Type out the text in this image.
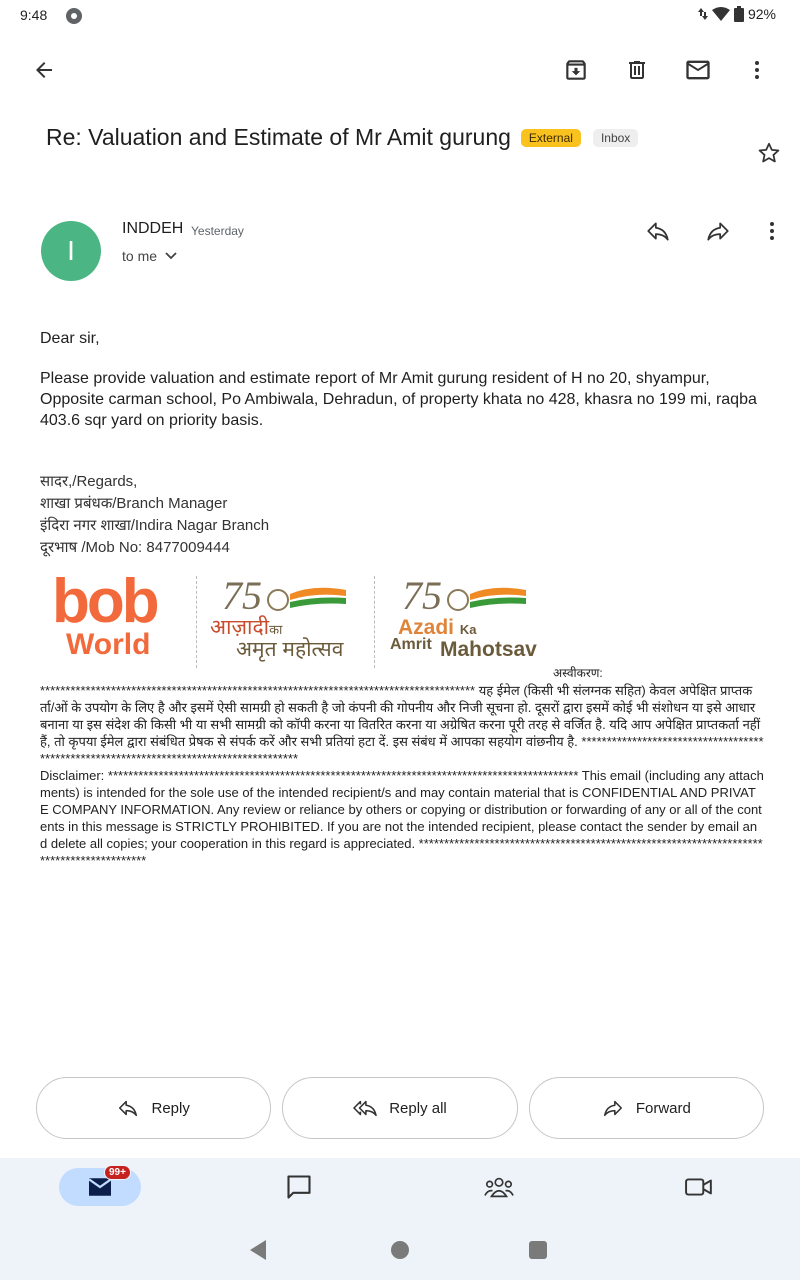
9:48	92%
Re: Valuation and Estimate of Mr Amit gurung	External	Inbox
I
INDDEH Yesterday
to me
Dear sir,
Please provide valuation and estimate report of Mr Amit gurung resident of H no 20, shyampur, Opposite carman school, Po Ambiwala, Dehradun, of property khata no 428, khasra no 199 mi, raqba 403.6 sqr yard on priority basis.
सादर,/Regards,
शाखा प्रबंधक/Branch Manager
इंदिरा नगर शाखा/Indira Nagar Branch
दूरभाष /Mob No: 8477009444
bob
World
75
आज़ादीका
अमृत महोत्सव
75
Azadi Ka
Amrit Mahotsav
अस्वीकरण:
************************************************************************************** यह ईमेल (किसी भी संलग्नक सहित) केवल अपेक्षित प्राप्तकर्ता/ओं के उपयोग के लिए है और इसमें ऐसी सामग्री हो सकती है जो कंपनी की गोपनीय और निजी सूचना हो. दूसरों द्वारा इसमें कोई भी संशोधन या इसे आधार बनाना या इस संदेश की किसी भी या सभी सामग्री को कॉपी करना या वितरित करना या अग्रेषित करना पूरी तरह से वर्जित है. यदि आप अपेक्षित प्राप्तकर्ता नहीं हैं, तो कृपया ईमेल द्वारा संबंधित प्रेषक से संपर्क करें और सभी प्रतियां हटा दें. इस संबंध में आपका सहयोग वांछनीय है. ***************************************************************************************
Disclaimer: ********************************************************************************************* This email (including any attachments) is intended for the sole use of the intended recipient/s and may contain material that is CONFIDENTIAL AND PRIVATE COMPANY INFORMATION. Any review or reliance by others or copying or distribution or forwarding of any or all of the contents in this message is STRICTLY PROHIBITED. If you are not the intended recipient, please contact the sender by email and delete all copies; your cooperation in this regard is appreciated. *****************************************************************************************
Reply	Reply all	Forward
99+
